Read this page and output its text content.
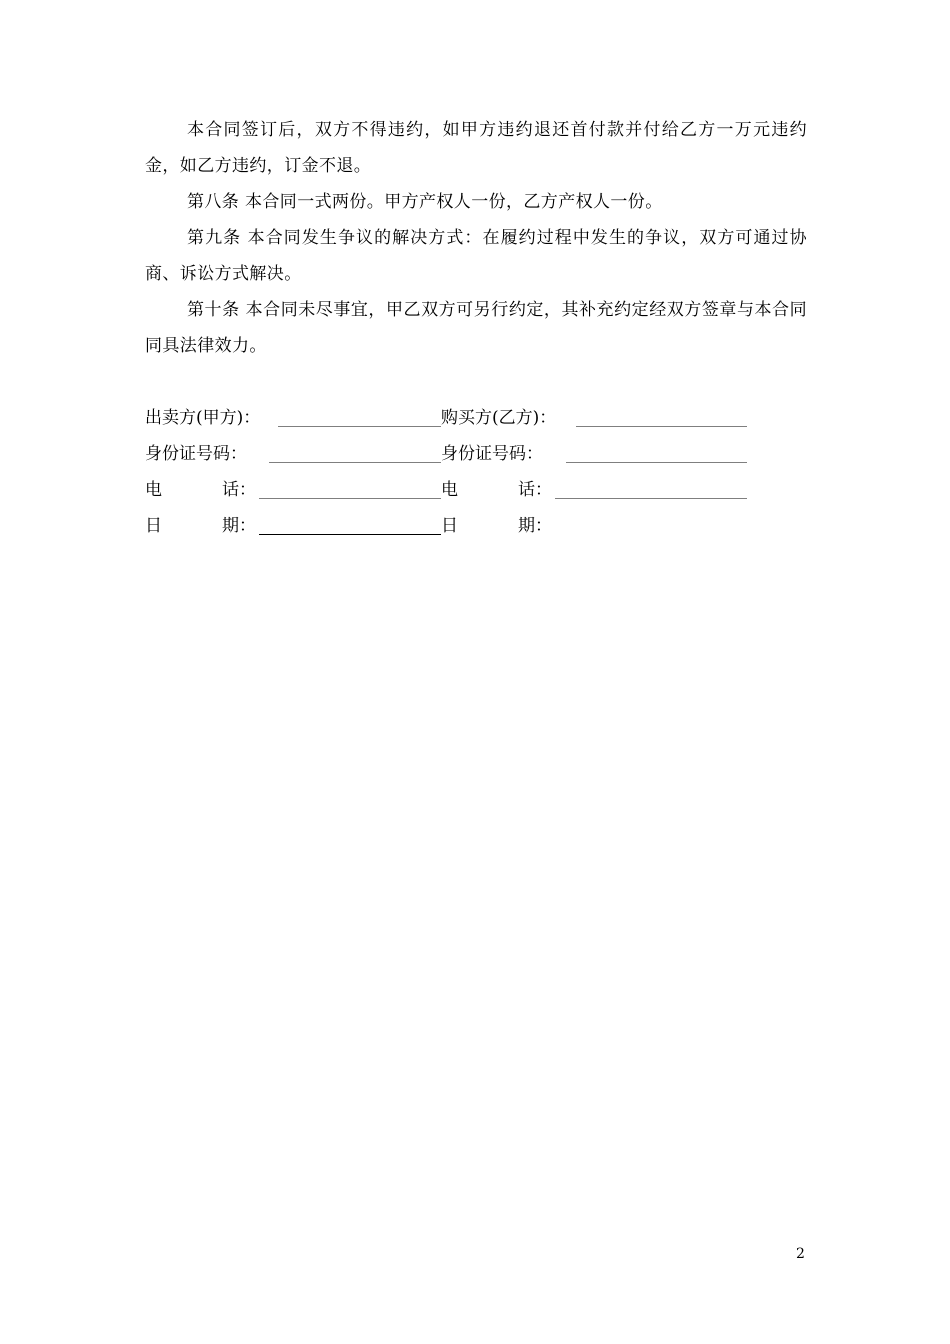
本合同签订后，双方不得违约，如甲方违约退还首付款并付给乙方一万元违约金，如乙方违约，订金不退。

第八条 本合同一式两份。甲方产权人一份，乙方产权人一份。

第九条 本合同发生争议的解决方式：在履约过程中发生的争议，双方可通过协商、诉讼方式解决。

第十条 本合同未尽事宜，甲乙双方可另行约定，其补充约定经双方签章与本合同同具法律效力。

出卖方(甲方)：	购买方(乙方)：
身份证号码：	身份证号码：
电	话：	电	话：
日	期：	日	期：
2
